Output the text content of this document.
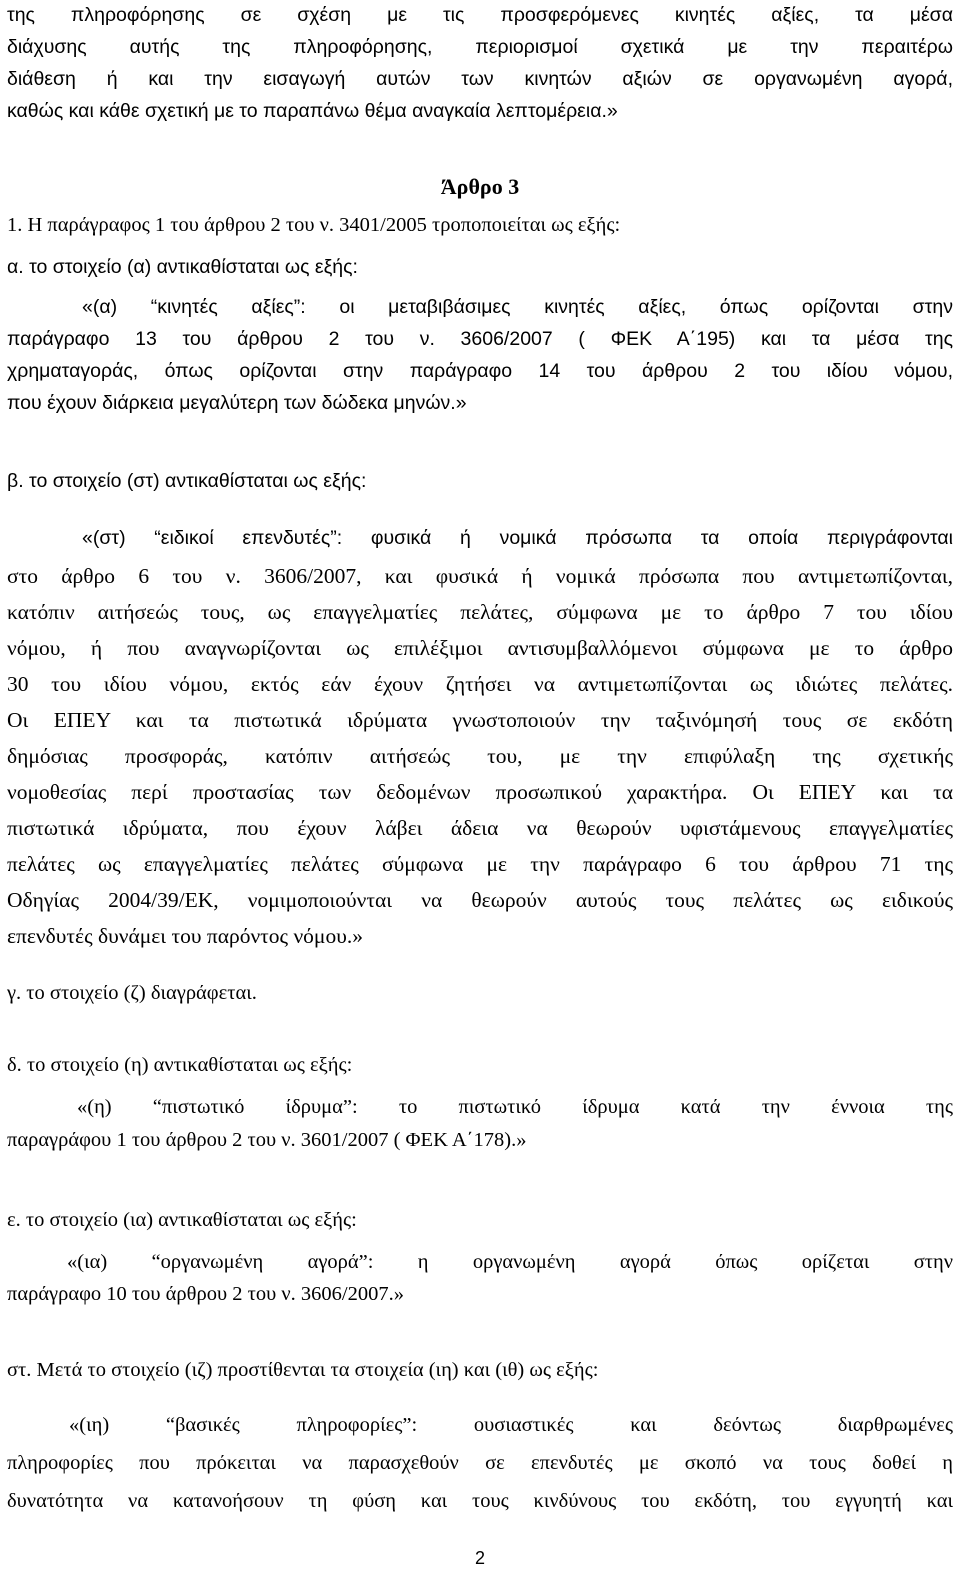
της πληροφόρησης σε σχέση με τις προσφερόμενες κινητές αξίες, τα μέσα

διάχυσης αυτής της πληροφόρησης, περιορισμοί σχετικά με την περαιτέρω

διάθεση ή και την εισαγωγή αυτών των κινητών αξιών σε οργανωμένη αγορά,

καθώς και κάθε σχετική με το παραπάνω θέμα αναγκαία λεπτομέρεια.»

Άρθρο 3

1. Η παράγραφος 1 του άρθρου 2 του ν. 3401/2005 τροποποιείται ως εξής:

α. το στοιχείο (α) αντικαθίσταται ως εξής:

«(α) “κινητές αξίες”: οι μεταβιβάσιμες κινητές αξίες, όπως ορίζονται στην

παράγραφο 13 του άρθρου 2 του ν. 3606/2007 ( ΦΕΚ Α΄195) και τα μέσα της

χρηματαγοράς, όπως ορίζονται στην παράγραφο 14 του άρθρου 2 του ιδίου νόμου,

που έχουν διάρκεια μεγαλύτερη των δώδεκα μηνών.»

β. το στοιχείο (στ) αντικαθίσταται ως εξής:

«(στ) “ειδικοί επενδυτές”: φυσικά ή νομικά πρόσωπα τα οποία περιγράφονται

στο άρθρο 6 του ν. 3606/2007, και φυσικά ή νομικά πρόσωπα που αντιμετωπίζονται,

κατόπιν αιτήσεώς τους, ως επαγγελματίες πελάτες, σύμφωνα με το άρθρο 7 του ιδίου

νόμου, ή που αναγνωρίζονται ως επιλέξιμοι αντισυμβαλλόμενοι σύμφωνα με το άρθρο

30 του ιδίου νόμου, εκτός εάν έχουν ζητήσει να αντιμετωπίζονται ως ιδιώτες πελάτες.

Οι ΕΠΕΥ και τα πιστωτικά ιδρύματα γνωστοποιούν την ταξινόμησή τους σε εκδότη

δημόσιας προσφοράς, κατόπιν αιτήσεώς του, με την επιφύλαξη της σχετικής

νομοθεσίας περί προστασίας των δεδομένων προσωπικού χαρακτήρα. Οι ΕΠΕΥ και τα

πιστωτικά ιδρύματα, που έχουν λάβει άδεια να θεωρούν υφιστάμενους επαγγελματίες

πελάτες ως επαγγελματίες πελάτες σύμφωνα με την παράγραφο 6 του άρθρου 71 της

Οδηγίας 2004/39/ΕΚ, νομιμοποιούνται να θεωρούν αυτούς τους πελάτες ως ειδικούς

επενδυτές δυνάμει του παρόντος νόμου.»

γ. το στοιχείο (ζ) διαγράφεται.

δ. το στοιχείο (η) αντικαθίσταται ως εξής:

«(η) “πιστωτικό ίδρυμα”: το πιστωτικό ίδρυμα κατά την έννοια της

παραγράφου 1 του άρθρου 2 του ν. 3601/2007 ( ΦΕΚ Α΄178).»

ε. το στοιχείο (ια) αντικαθίσταται ως εξής:

«(ια) “οργανωμένη αγορά”: η οργανωμένη αγορά όπως ορίζεται στην

παράγραφο 10 του άρθρου 2 του ν. 3606/2007.»

στ. Μετά το στοιχείο (ιζ) προστίθενται τα στοιχεία (ιη) και (ιθ) ως εξής:

«(ιη) “βασικές πληροφορίες”: ουσιαστικές και δεόντως διαρθρωμένες

πληροφορίες που πρόκειται να παρασχεθούν σε επενδυτές με σκοπό να τους δοθεί η

δυνατότητα να κατανοήσουν τη φύση και τους κινδύνους του εκδότη, του εγγυητή και

2
